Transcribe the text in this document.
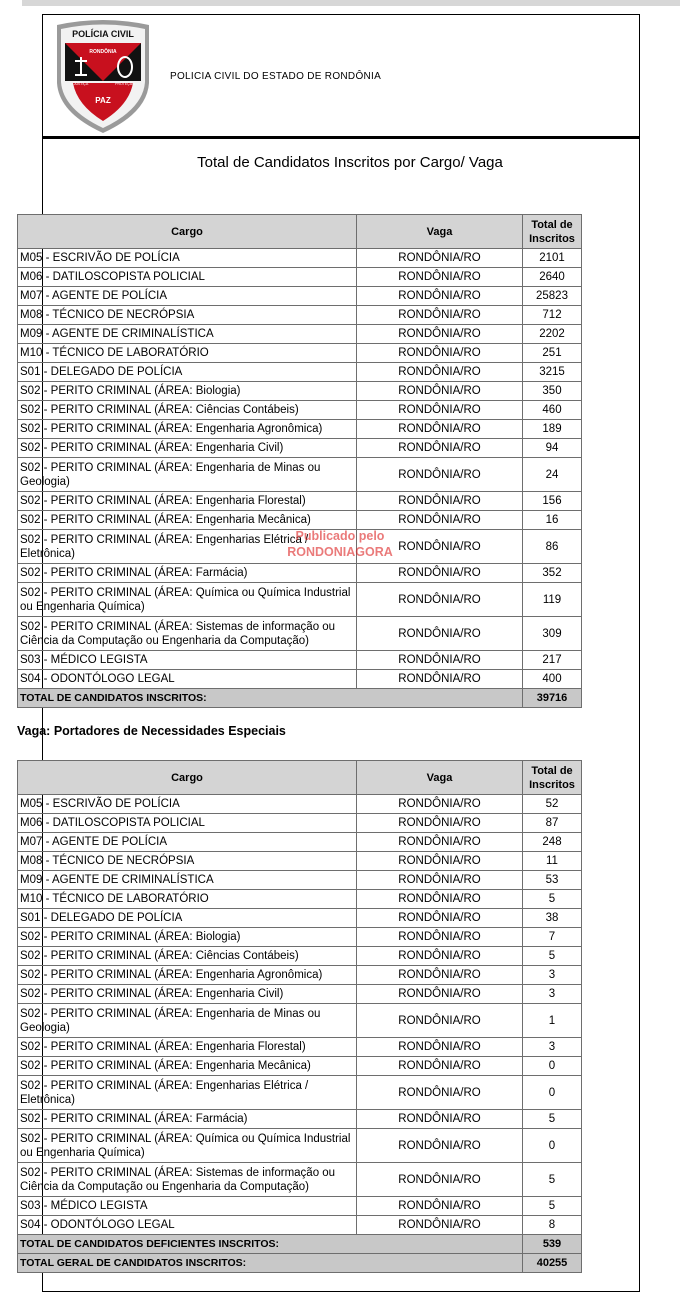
POLÍCIA CIVIL
RONDÔNIA
JUSTIÇA	PROTEÇÃO
PAZ
POLICIA CIVIL DO ESTADO DE RONDÔNIA
Total de Candidatos Inscritos por Cargo/ Vaga
Cargo	Vaga	Total de Inscritos
M05 - ESCRIVÃO DE POLÍCIA	RONDÔNIA/RO	2101
M06 - DATILOSCOPISTA POLICIAL	RONDÔNIA/RO	2640
M07 - AGENTE DE POLÍCIA	RONDÔNIA/RO	25823
M08 - TÉCNICO DE NECRÓPSIA	RONDÔNIA/RO	712
M09 - AGENTE DE CRIMINALÍSTICA	RONDÔNIA/RO	2202
M10 - TÉCNICO DE LABORATÓRIO	RONDÔNIA/RO	251
S01 - DELEGADO DE POLÍCIA	RONDÔNIA/RO	3215
S02 - PERITO CRIMINAL (ÁREA: Biologia)	RONDÔNIA/RO	350
S02 - PERITO CRIMINAL (ÁREA: Ciências Contábeis)	RONDÔNIA/RO	460
S02 - PERITO CRIMINAL (ÁREA: Engenharia Agronômica)	RONDÔNIA/RO	189
S02 - PERITO CRIMINAL (ÁREA: Engenharia Civil)	RONDÔNIA/RO	94
S02 - PERITO CRIMINAL (ÁREA: Engenharia de Minas ou Geologia)	RONDÔNIA/RO	24
S02 - PERITO CRIMINAL (ÁREA: Engenharia Florestal)	RONDÔNIA/RO	156
S02 - PERITO CRIMINAL (ÁREA: Engenharia Mecânica)	RONDÔNIA/RO	16
S02 - PERITO CRIMINAL (ÁREA: Engenharias Elétrica / Eletrônica)	RONDÔNIA/RO	86
S02 - PERITO CRIMINAL (ÁREA: Farmácia)	RONDÔNIA/RO	352
S02 - PERITO CRIMINAL (ÁREA: Química ou Química Industrial ou Engenharia Química)	RONDÔNIA/RO	119
S02 - PERITO CRIMINAL (ÁREA: Sistemas de informação ou Ciência da Computação ou Engenharia da Computação)	RONDÔNIA/RO	309
S03 - MÉDICO LEGISTA	RONDÔNIA/RO	217
S04 - ODONTÓLOGO LEGAL	RONDÔNIA/RO	400
TOTAL DE CANDIDATOS INSCRITOS:		39716
Vaga: Portadores de Necessidades Especiais
Cargo	Vaga	Total de Inscritos
M05 - ESCRIVÃO DE POLÍCIA	RONDÔNIA/RO	52
M06 - DATILOSCOPISTA POLICIAL	RONDÔNIA/RO	87
M07 - AGENTE DE POLÍCIA	RONDÔNIA/RO	248
M08 - TÉCNICO DE NECRÓPSIA	RONDÔNIA/RO	11
M09 - AGENTE DE CRIMINALÍSTICA	RONDÔNIA/RO	53
M10 - TÉCNICO DE LABORATÓRIO	RONDÔNIA/RO	5
S01 - DELEGADO DE POLÍCIA	RONDÔNIA/RO	38
S02 - PERITO CRIMINAL (ÁREA: Biologia)	RONDÔNIA/RO	7
S02 - PERITO CRIMINAL (ÁREA: Ciências Contábeis)	RONDÔNIA/RO	5
S02 - PERITO CRIMINAL (ÁREA: Engenharia Agronômica)	RONDÔNIA/RO	3
S02 - PERITO CRIMINAL (ÁREA: Engenharia Civil)	RONDÔNIA/RO	3
S02 - PERITO CRIMINAL (ÁREA: Engenharia de Minas ou Geologia)	RONDÔNIA/RO	1
S02 - PERITO CRIMINAL (ÁREA: Engenharia Florestal)	RONDÔNIA/RO	3
S02 - PERITO CRIMINAL (ÁREA: Engenharia Mecânica)	RONDÔNIA/RO	0
S02 - PERITO CRIMINAL (ÁREA: Engenharias Elétrica / Eletrônica)	RONDÔNIA/RO	0
S02 - PERITO CRIMINAL (ÁREA: Farmácia)	RONDÔNIA/RO	5
S02 - PERITO CRIMINAL (ÁREA: Química ou Química Industrial ou Engenharia Química)	RONDÔNIA/RO	0
S02 - PERITO CRIMINAL (ÁREA: Sistemas de informação ou Ciência da Computação ou Engenharia da Computação)	RONDÔNIA/RO	5
S03 - MÉDICO LEGISTA	RONDÔNIA/RO	5
S04 - ODONTÓLOGO LEGAL	RONDÔNIA/RO	8
TOTAL DE CANDIDATOS DEFICIENTES INSCRITOS:		539
TOTAL GERAL DE CANDIDATOS INSCRITOS:		40255
Publicado pelo
RONDONIAGORA
